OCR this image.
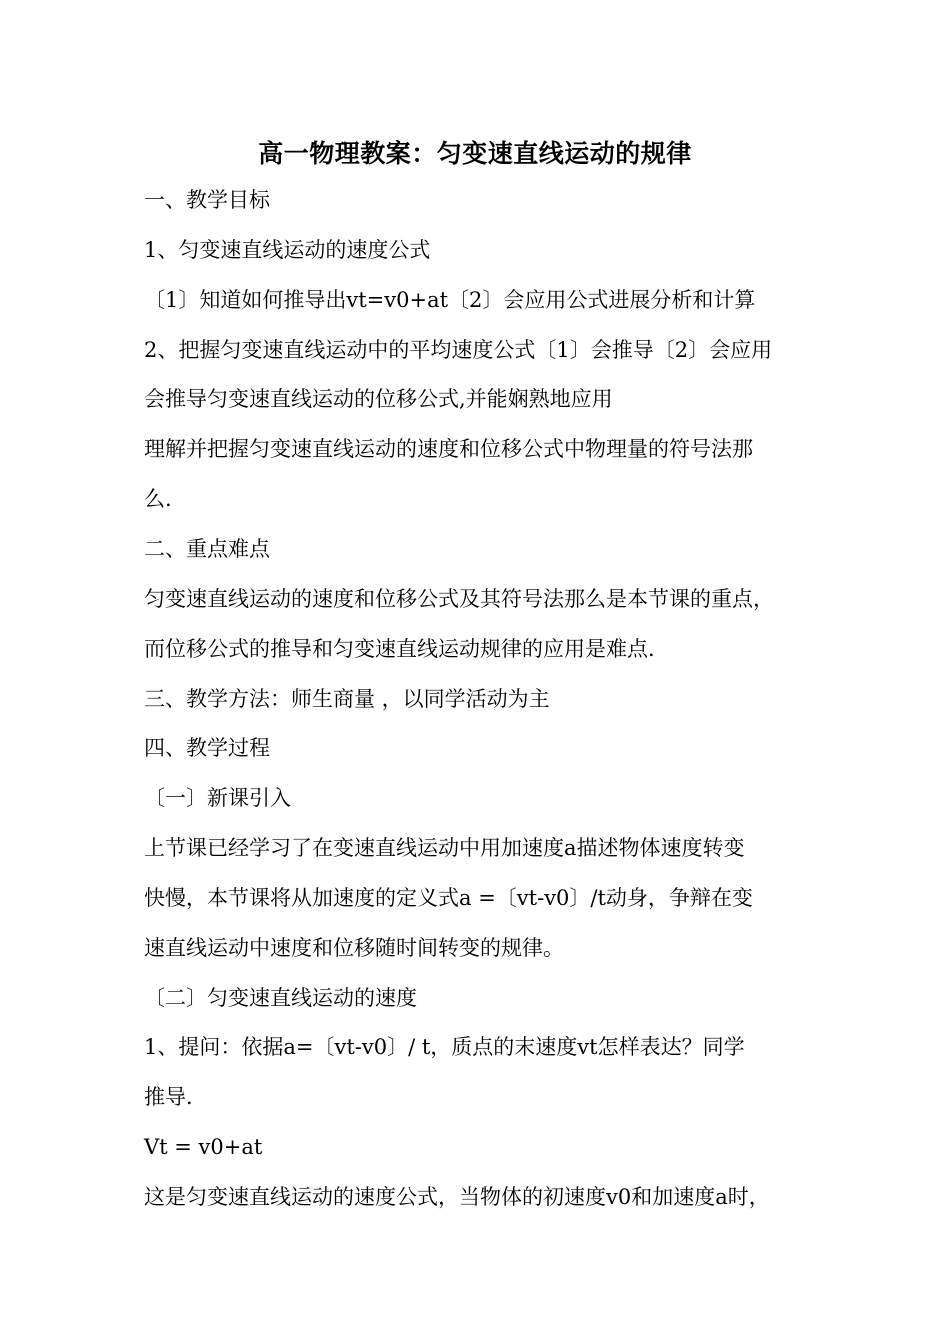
高一物理教案：匀变速直线运动的规律
一、教学目标
1、匀变速直线运动的速度公式
〔1〕知道如何推导出vt=v0+at〔2〕会应用公式进展分析和计算
2、把握匀变速直线运动中的平均速度公式〔1〕会推导〔2〕会应用
会推导匀变速直线运动的位移公式,并能娴熟地应用
理解并把握匀变速直线运动的速度和位移公式中物理量的符号法那
么.
二、重点难点
匀变速直线运动的速度和位移公式及其符号法那么是本节课的重点，
而位移公式的推导和匀变速直线运动规律的应用是难点.
三、教学方法：师生商量 ，以同学活动为主
四、教学过程
〔一〕新课引入
上节课已经学习了在变速直线运动中用加速度a描述物体速度转变
快慢，本节课将从加速度的定义式a =〔vt-v0〕/t动身，争辩在变
速直线运动中速度和位移随时间转变的规律。
〔二〕匀变速直线运动的速度
1、提问：依据a=〔vt-v0〕/ t，质点的末速度vt怎样表达？同学
推导.
Vt = v0+at
这是匀变速直线运动的速度公式，当物体的初速度v0和加速度a时，
